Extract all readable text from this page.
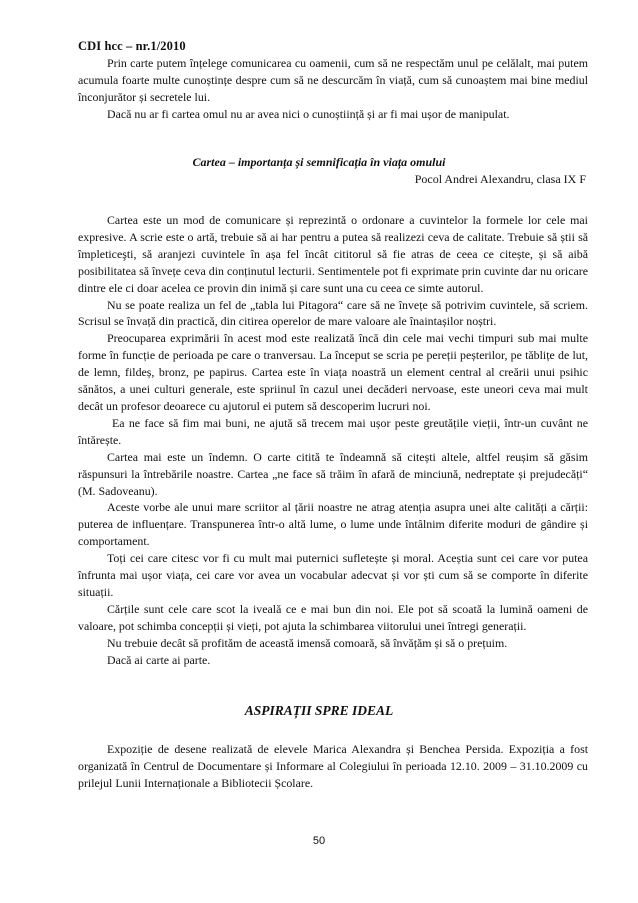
CDI hcc – nr.1/2010

Prin carte putem înțelege comunicarea cu oamenii, cum să ne respectăm unul pe celălalt, mai putem acumula foarte multe cunoștințe despre cum să ne descurcăm în viață, cum să cunoaștem mai bine mediul înconjurător și secretele lui.

Dacă nu ar fi cartea omul nu ar avea nici o cunoștiință și ar fi mai ușor de manipulat.

Cartea – importanța și semnificația în viața omului
Pocol Andrei Alexandru, clasa IX F

Cartea este un mod de comunicare și reprezintă o ordonare a cuvintelor la formele lor cele mai expresive. A scrie este o artă, trebuie să ai har pentru a putea să realizezi ceva de calitate. Trebuie să știi să împleticeşti, să aranjezi cuvintele în așa fel încât cititorul să fie atras de ceea ce citește, și să aibă posibilitatea să învețe ceva din conținutul lecturii. Sentimentele pot fi exprimate prin cuvinte dar nu oricare dintre ele ci doar acelea ce provin din inimă și care sunt una cu ceea ce simte autorul.

Nu se poate realiza un fel de „tabla lui Pitagora“ care să ne învețe să potrivim cuvintele, să scriem. Scrisul se învață din practică, din citirea operelor de mare valoare ale înaintașilor noștri.

Preocuparea exprimării în acest mod este realizată încă din cele mai vechi timpuri sub mai multe forme în funcție de perioada pe care o tranversau. La început se scria pe pereții peșterilor, pe tăblițe de lut, de lemn, fildeș, bronz, pe papirus. Cartea este în viața noastră un element central al creării unui psihic sănătos, a unei culturi generale, este spriinul în cazul unei decăderi nervoase, este uneori ceva mai mult decât un profesor deoarece cu ajutorul ei putem să descoperim lucruri noi.

Ea ne face să fim mai buni, ne ajută să trecem mai ușor peste greutățile vieții, într-un cuvânt ne întărește.

Cartea mai este un îndemn. O carte citită te îndeamnă să citești altele, altfel reușim să găsim răspunsuri la întrebările noastre. Cartea „ne face să trăim în afară de minciună, nedreptate și prejudecăți“ (M. Sadoveanu).

Aceste vorbe ale unui mare scriitor al țării noastre ne atrag atenția asupra unei alte calități a cărții: puterea de influențare. Transpunerea într-o altă lume, o lume unde întâlnim diferite moduri de gândire și comportament.

Toți cei care citesc vor fi cu mult mai puternici sufletește și moral. Aceștia sunt cei care vor putea înfrunta mai ușor viața, cei care vor avea un vocabular adecvat și vor ști cum să se comporte în diferite situații.

Cărțile sunt cele care scot la iveală ce e mai bun din noi. Ele pot să scoată la lumină oameni de valoare, pot schimba concepții și vieți, pot ajuta la schimbarea viitorului unei întregi generații.

Nu trebuie decât să profităm de această imensă comoară, să învățăm și să o prețuim.

Dacă ai carte ai parte.

ASPIRAȚII SPRE IDEAL

Expoziție de desene realizată de elevele Marica Alexandra și Benchea Persida. Expoziția a fost organizată în Centrul de Documentare și Informare al Colegiului în perioada 12.10. 2009 – 31.10.2009 cu prilejul Lunii Internaționale a Bibliotecii Școlare.

50
